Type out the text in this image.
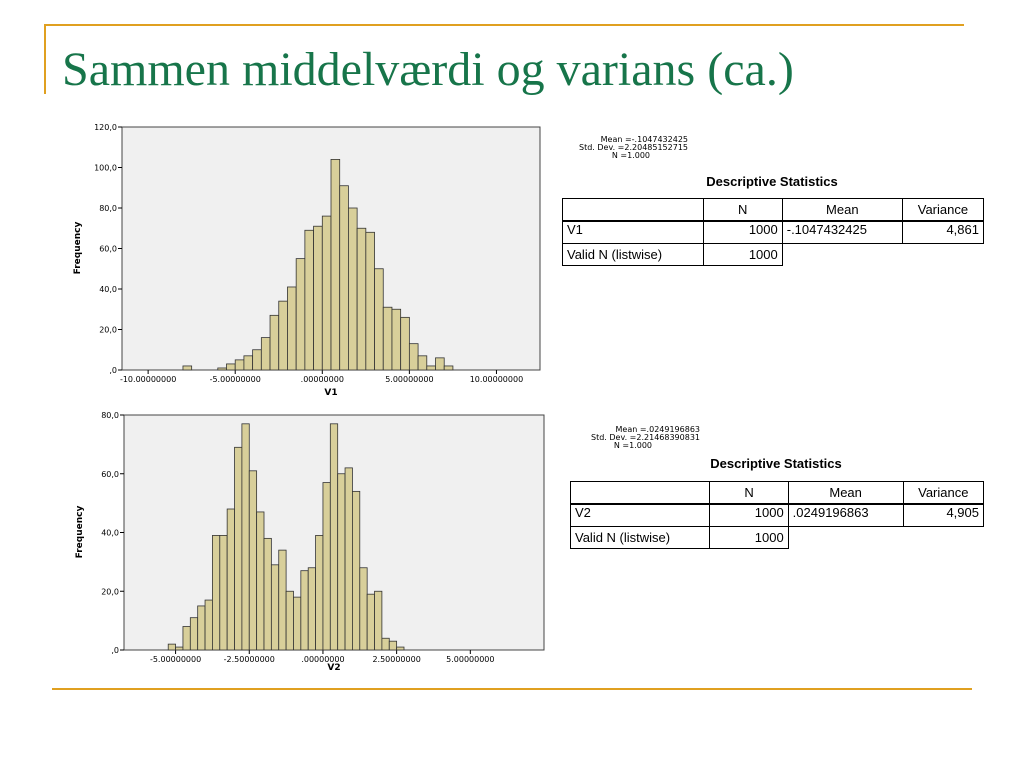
Sammen middelværdi og varians (ca.)
,0
20,0
40,0
60,0
80,0
100,0
120,0
-10.00000000	-5.00000000	.00000000	5.00000000	10.00000000
V1
Frequency
,0
20,0
40,0
60,0
80,0
-5.00000000	-2.50000000	.00000000	2.50000000	5.00000000
V2
Frequency
Mean =-.1047432425
Std. Dev. =2.20485152715
N =1.000
Mean =.0249196863
Std. Dev. =2.21468390831
N =1.000
Descriptive Statistics
	N	Mean	Variance
V1	1000	-.1047432425	4,861
Valid N (listwise)	1000		
Descriptive Statistics
	N	Mean	Variance
V2	1000	.0249196863	4,905
Valid N (listwise)	1000		
